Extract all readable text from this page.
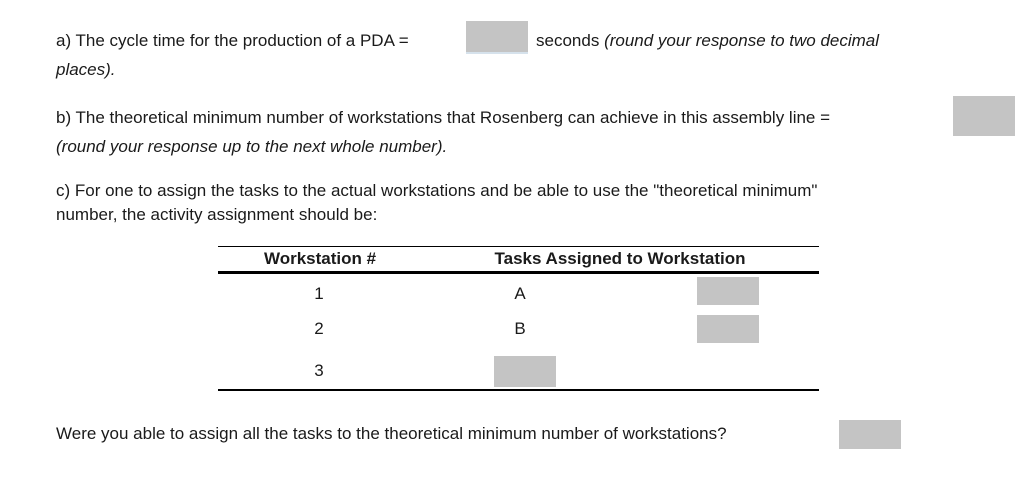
a) The cycle time for the production of a PDA =	seconds (round your response to two decimal
places).
b) The theoretical minimum number of workstations that Rosenberg can achieve in this assembly line =
(round your response up to the next whole number).
c) For one to assign the tasks to the actual workstations and be able to use the "theoretical minimum"
number, the activity assignment should be:
Workstation #	Tasks Assigned to Workstation
1	A
2	B
3
Were you able to assign all the tasks to the theoretical minimum number of workstations?
